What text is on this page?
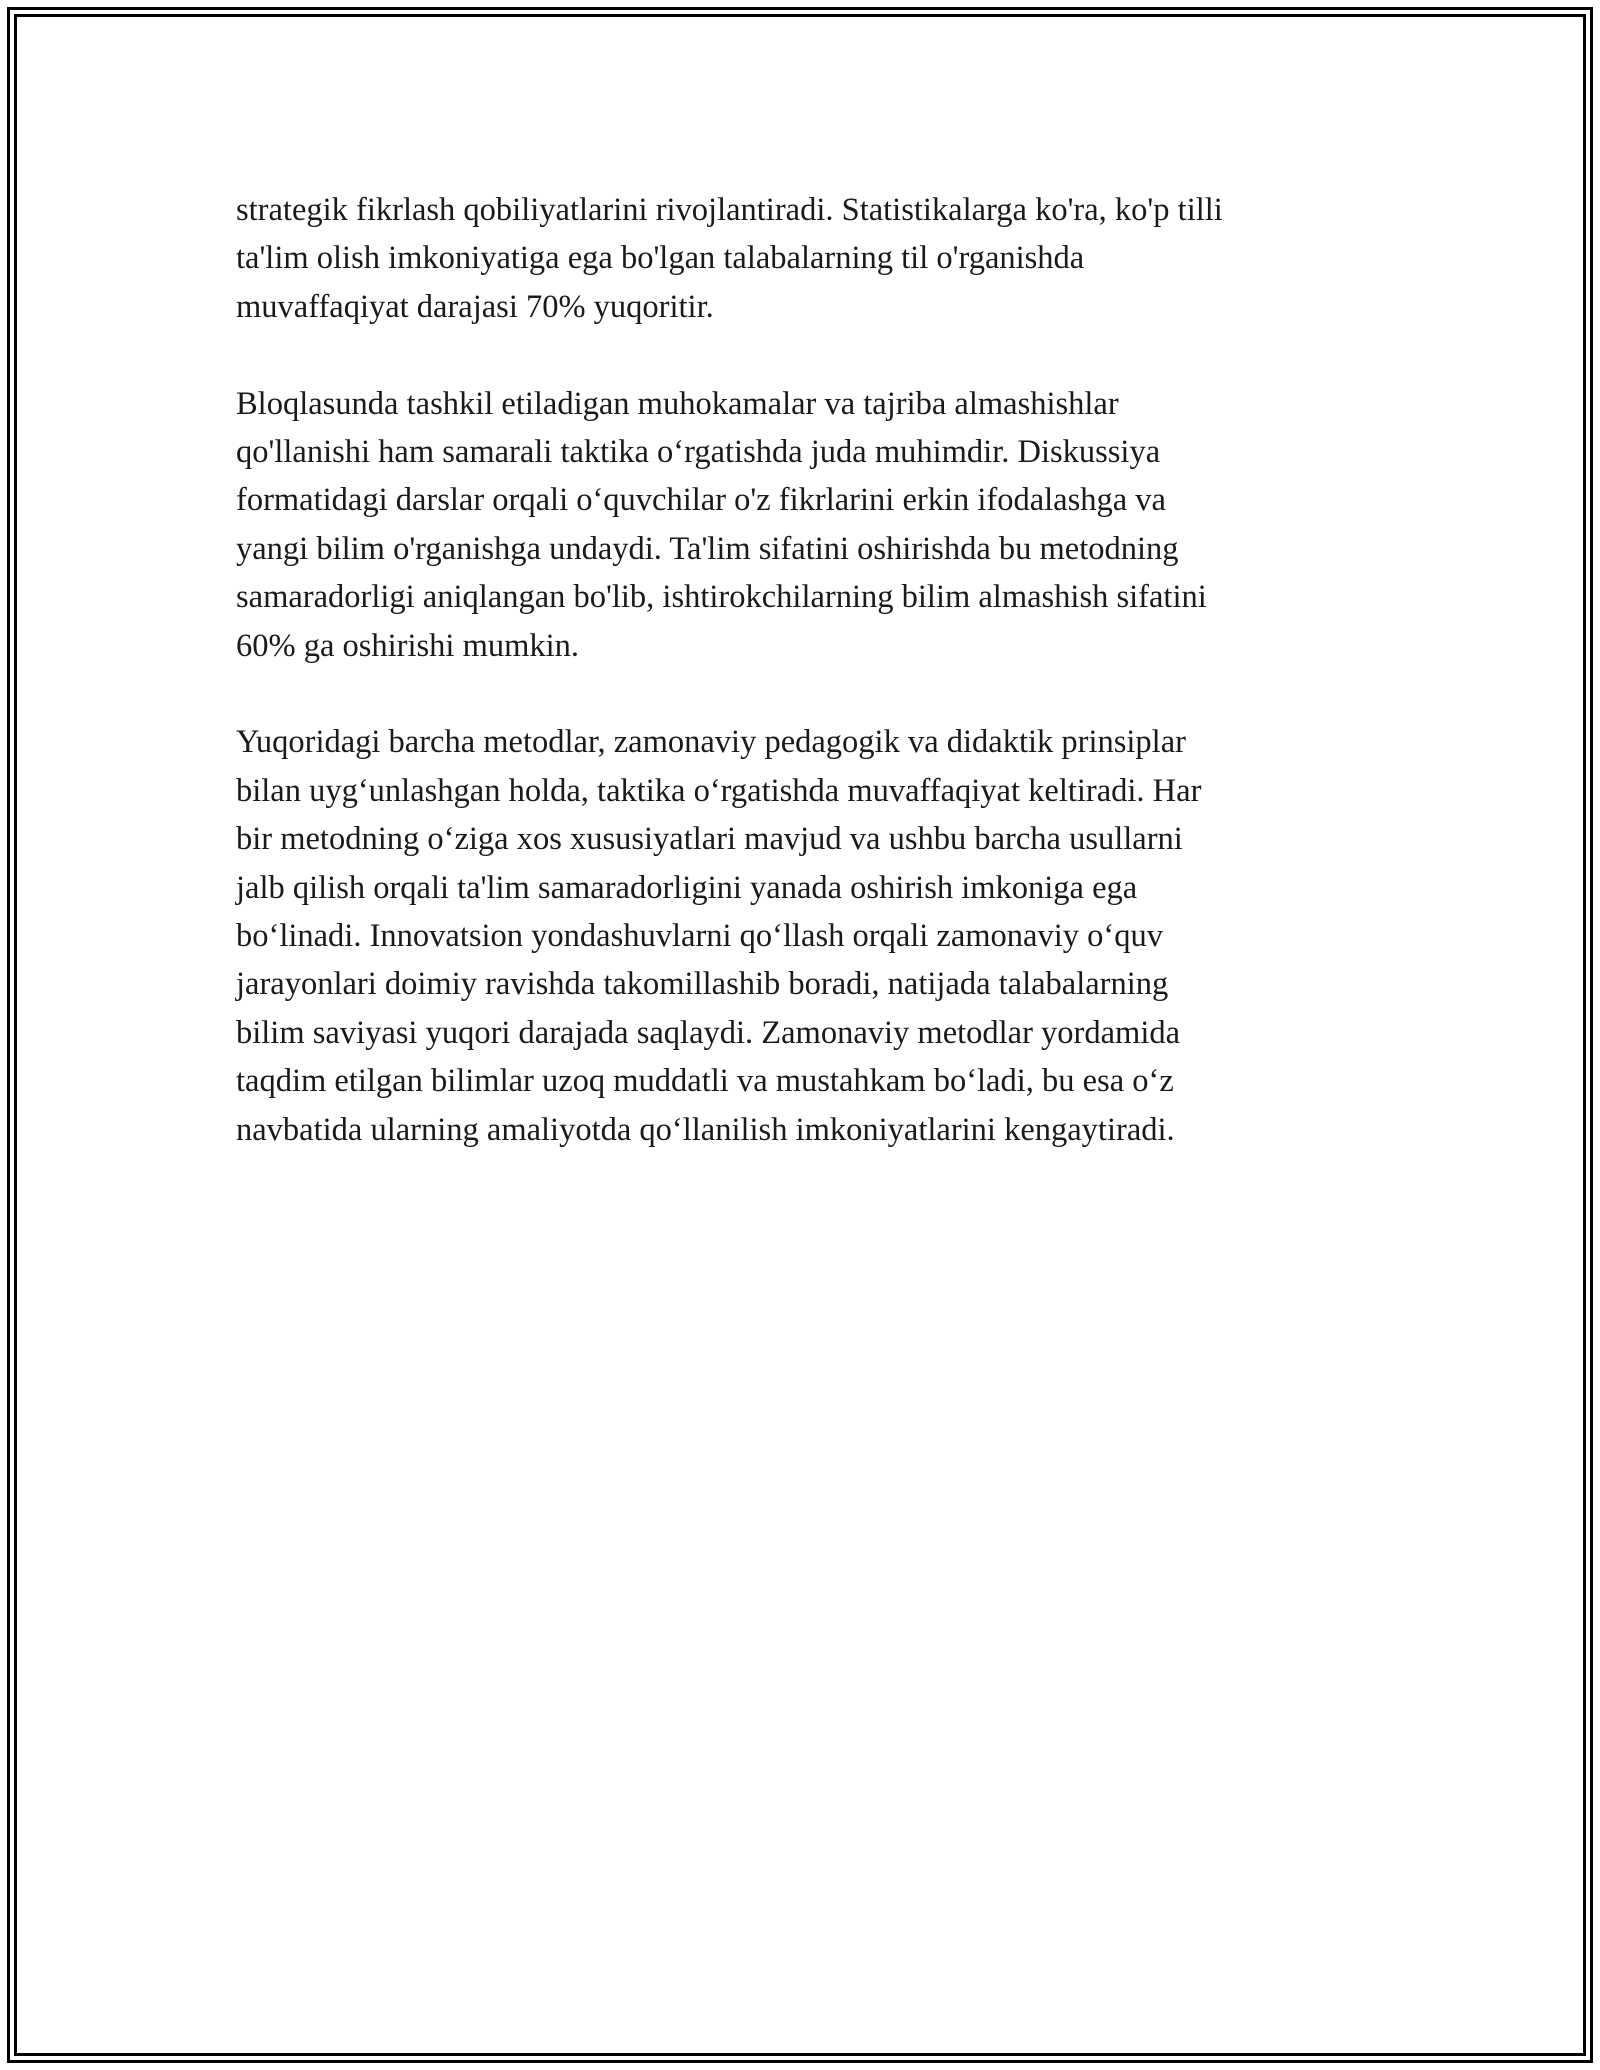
strategik fikrlash qobiliyatlarini rivojlantiradi. Statistikalarga ko'ra, ko'p tilli
ta'lim olish imkoniyatiga ega bo'lgan talabalarning til o'rganishda
muvaffaqiyat darajasi 70% yuqoritir.

Bloqlasunda tashkil etiladigan muhokamalar va tajriba almashishlar
qo'llanishi ham samarali taktika o‘rgatishda juda muhimdir. Diskussiya
formatidagi darslar orqali o‘quvchilar o'z fikrlarini erkin ifodalashga va
yangi bilim o'rganishga undaydi. Ta'lim sifatini oshirishda bu metodning
samaradorligi aniqlangan bo'lib, ishtirokchilarning bilim almashish sifatini
60% ga oshirishi mumkin.

Yuqoridagi barcha metodlar, zamonaviy pedagogik va didaktik prinsiplar
bilan uyg‘unlashgan holda, taktika o‘rgatishda muvaffaqiyat keltiradi. Har
bir metodning o‘ziga xos xususiyatlari mavjud va ushbu barcha usullarni
jalb qilish orqali ta'lim samaradorligini yanada oshirish imkoniga ega
bo‘linadi. Innovatsion yondashuvlarni qo‘llash orqali zamonaviy o‘quv
jarayonlari doimiy ravishda takomillashib boradi, natijada talabalarning
bilim saviyasi yuqori darajada saqlaydi. Zamonaviy metodlar yordamida
taqdim etilgan bilimlar uzoq muddatli va mustahkam bo‘ladi, bu esa o‘z
navbatida ularning amaliyotda qo‘llanilish imkoniyatlarini kengaytiradi.
